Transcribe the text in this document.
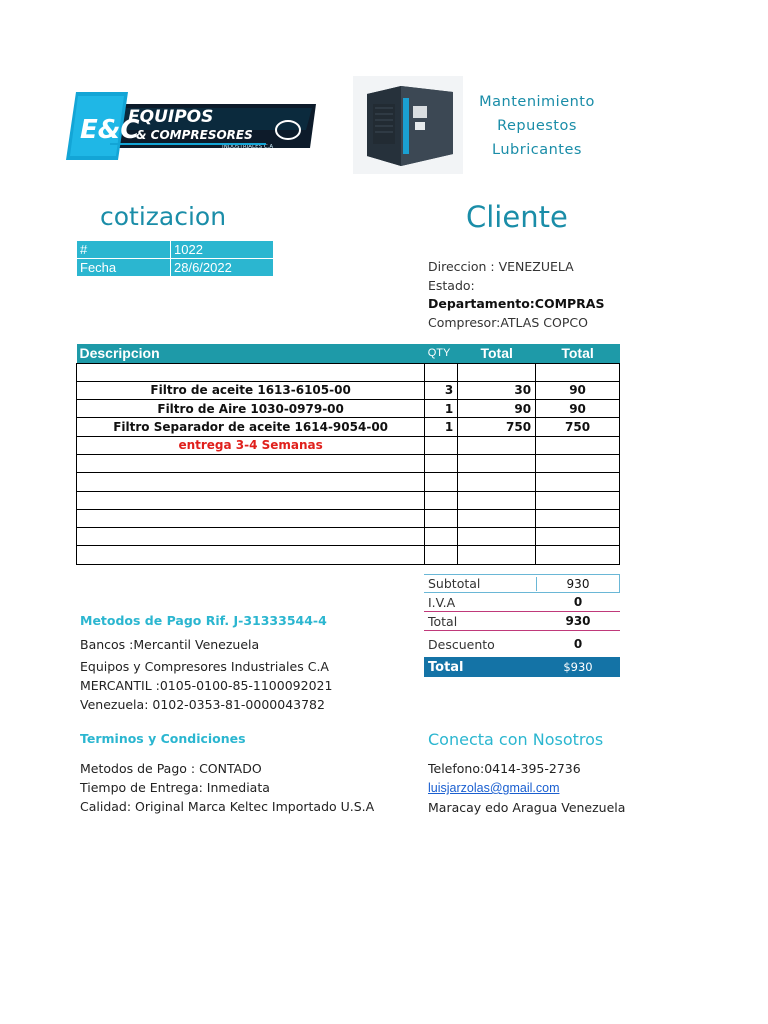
E&C
EQUIPOS
& COMPRESORES
INDUSTRIALES C.A
Mantenimiento
Repuestos
Lubricantes
cotizacion	Cliente
#	1022
Fecha	28/6/2022	Direccion : VENEZUELA
Estado:
Departamento:COMPRAS
Compresor:ATLAS COPCO
Descripcion	QTY	Total	Total

Filtro de aceite 1613-6105-00	3	30	90
Filtro de Aire 1030-0979-00	1	90	90
Filtro Separador de aceite 1614-9054-00	1	750	750
entrega 3-4 Semanas			

Subtotal	930
I.V.A	0
Total	930
Descuento	0
Total	$930
Metodos de Pago Rif. J-31333544-4
Bancos :Mercantil Venezuela
Equipos y Compresores Industriales C.A
MERCANTIL :0105-0100-85-1100092021
Venezuela: 0102-0353-81-0000043782
Terminos y Condiciones
Metodos de Pago : CONTADO
Tiempo de Entrega: Inmediata
Calidad: Original Marca Keltec Importado U.S.A
Conecta con Nosotros
Telefono:0414-395-2736
luisjarzolas@gmail.com
Maracay edo Aragua Venezuela
